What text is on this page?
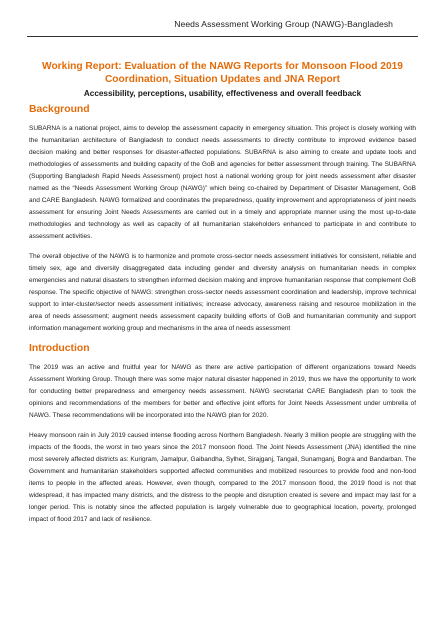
Needs Assessment Working Group (NAWG)-Bangladesh
Working Report: Evaluation of the NAWG Reports for Monsoon Flood 2019 Coordination, Situation Updates and JNA Report

Accessibility, perceptions, usability, effectiveness and overall feedback

Background

SUBARNA is a national project, aims to develop the assessment capacity in emergency situation. This project is closely working with the humanitarian architecture of Bangladesh to conduct needs assessments to directly contribute to improved evidence based decision making and better responses for disaster-affected populations. SUBARNA is also aiming to create and update tools and methodologies of assessments and building capacity of the GoB and agencies for better assessment through training. The SUBARNA (Supporting Bangladesh Rapid Needs Assessment) project host a national working group for joint needs assessment after disaster named as the “Needs Assessment Working Group (NAWG)” which being co-chaired by Department of Disaster Management, GoB and CARE Bangladesh. NAWG formalized and coordinates the preparedness, quality improvement and appropriateness of joint needs assessment for ensuring Joint Needs Assessments are carried out in a timely and appropriate manner using the most up-to-date methodologies and technology as well as capacity of all humanitarian stakeholders enhanced to participate in and contribute to assessment activities.

The overall objective of the NAWG is to harmonize and promote cross-sector needs assessment initiatives for consistent, reliable and timely sex, age and diversity disaggregated data including gender and diversity analysis on humanitarian needs in complex emergencies and natural disasters to strengthen informed decision making and improve humanitarian response that complement GoB response. The specific objective of NAWG: strengthen cross-sector needs assessment coordination and leadership, improve technical support to inter-cluster/sector needs assessment initiatives; increase advocacy, awareness raising and resource mobilization in the area of needs assessment; augment needs assessment capacity building efforts of GoB and humanitarian community and support information management working group and mechanisms in the area of needs assessment

Introduction

The 2019 was an active and fruitful year for NAWG as there are active participation of different organizations toward Needs Assessment Working Group. Though there was some major natural disaster happened in 2019, thus we have the opportunity to work for conducting better preparedness and emergency needs assessment. NAWG secretariat CARE Bangladesh plan to took the opinions and recommendations of the members for better and effective joint efforts for Joint Needs Assessment under umbrella of NAWG. These recommendations will be incorporated into the NAWG plan for 2020.

Heavy monsoon rain in July 2019 caused intense flooding across Northern Bangladesh. Nearly 3 million people are struggling with the impacts of the floods, the worst in two years since the 2017 monsoon flood. The Joint Needs Assessment (JNA) identified the nine most severely affected districts as: Kurigram, Jamalpur, Gaibandha, Sylhet, Sirajganj, Tangail, Sunamganj, Bogra and Bandarban. The Government and humanitarian stakeholders supported affected communities and mobilized resources to provide food and non-food items to people in the affected areas. However, even though, compared to the 2017 monsoon flood, the 2019 flood is not that widespread, it has impacted many districts, and the distress to the people and disruption created is severe and impact may last for a longer period. This is notably since the affected population is largely vulnerable due to geographical location, poverty, prolonged impact of flood 2017 and lack of resilience.
